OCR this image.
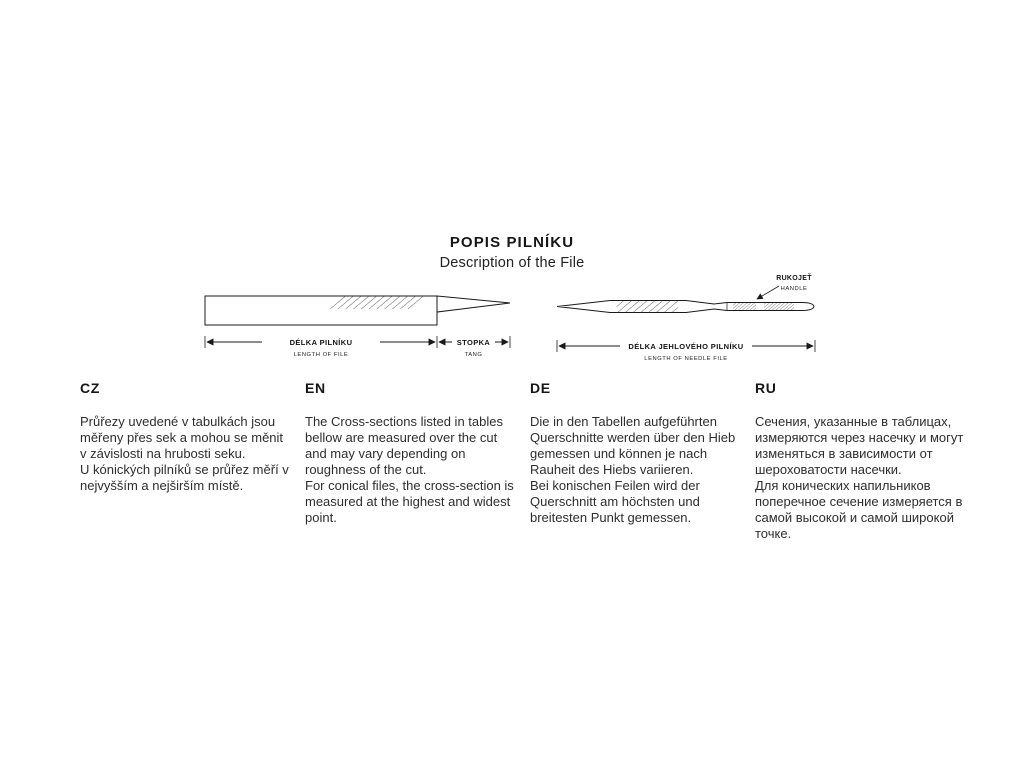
POPIS PILNÍKU
Description of the File
DÉLKA PILNÍKU
LENGTH OF FILE
STOPKA
TANG
RUKOJEŤ
HANDLE
DÉLKA JEHLOVÉHO PILNÍKU
LENGTH OF NEEDLE FILE
CZ

Průřezy uvedené v tabulkách jsou měřeny přes sek a mohou se měnit v závislosti na hrubosti seku.

U kónických pilníků se průřez měří v nejvyšším a nejširším místě.

EN

The Cross-sections listed in tables bellow are measured over the cut and may vary depending on roughness of the cut.

For conical files, the cross-section is measured at the highest and widest point.

DE

Die in den Tabellen aufgeführten Querschnitte werden über den Hieb gemessen und können je nach Rauheit des Hiebs variieren.

Bei konischen Feilen wird der Querschnitt am höchsten und breitesten Punkt gemessen.

RU

Сечения, указанные в таблицах, измеряются через насечку и могут изменяться в зависимости от шероховатости насечки.

Для конических напильников поперечное сечение измеряется в самой высокой и самой широкой точке.
